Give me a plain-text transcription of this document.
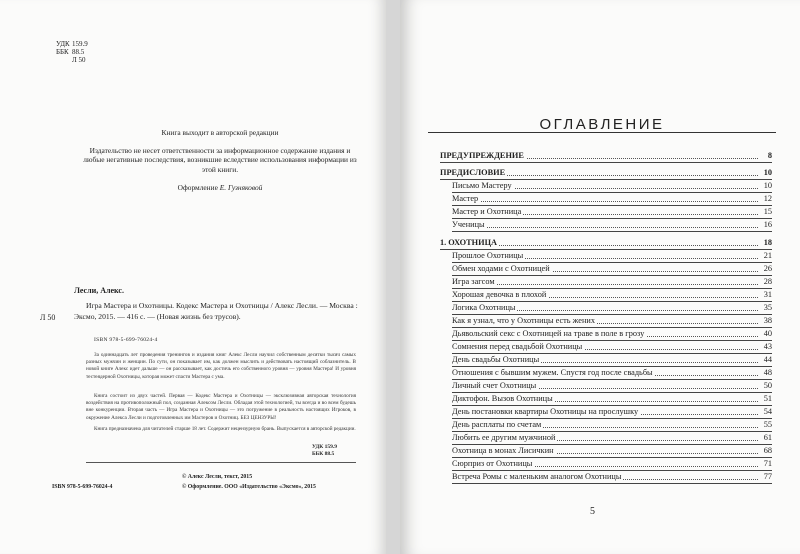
УДК 159.9
ББК 88.5
Л 50
Книга выходит в авторской редакции
Издательство не несет ответственности за информационное содержание издания и любые негативные последствия, возникшие вследствие использования информации из этой книги.
Оформление Е. Гузняковой
Лесли, Алекс.
Л 50
Игра Мастера и Охотницы. Кодекс Мастера и Охотницы / Алекс Лесли. — Москва : Эксмо, 2015. — 416 с. — (Новая жизнь без трусов).
ISBN 978-5-699-76024-4
За одиннадцать лет проведения тренингов и издания книг Алекс Лесли научил собственным десятки тысяч самых разных мужчин и женщин. По сути, он показывает им, как должен мыслить и действовать настоящий соблазнитель. В новой книге Алекс идет дальше — он рассказывает, как достичь его собственного уровня — уровня Мастера! И уровня тестеядерной Охотницы, которая может спасти Мастера с ума.
Книга состоит из двух частей. Первая — Кодекс Мастера и Охотницы — эксклюзивная авторская технология воздействия на противоположный пол, созданная Алексом Лесли. Обладая этой технологией, ты всегда и во всем будешь вне конкуренции. Вторая часть — Игра Мастера и Охотницы — это погружение в реальность настоящих Игроков, в окружение Алекса Лесли и подготовленных им Мастеров и Охотниц. БЕЗ ЦЕНЗУРЫ!
Книга предназначена для читателей старше 18 лет. Содержит нецензурную брань. Выпускается в авторской редакции.
УДК 159.9
ББК 88.5
ISBN 978-5-699-76024-4
© Алекс Лесли, текст, 2015
© Оформление. ООО «Издательство «Эксмо», 2015
ОГЛАВЛЕНИЕ
ПРЕДУПРЕЖДЕНИЕ	8
ПРЕДИСЛОВИЕ	10
Письмо Мастеру	10
Мастер	12
Мастер и Охотница	15
Ученицы	16
1. ОХОТНИЦА	18
Прошлое Охотницы	21
Обмен ходами с Охотницей	26
Игра загсом	28
Хорошая девочка в плохой	31
Логика Охотницы	35
Как я узнал, что у Охотницы есть жених	38
Дьявольский секс с Охотницей на траве в поле в грозу	40
Сомнения перед свадьбой Охотницы	43
День свадьбы Охотницы	44
Отношения с бывшим мужем. Спустя год после свадьбы	48
Личный счет Охотницы	50
Диктофон. Вызов Охотницы	51
День постановки квартиры Охотницы на прослушку	54
День расплаты по счетам	55
Любить ее другим мужчиной	61
Охотница в монах Лисичкин	68
Сюрприз от Охотницы	71
Встреча Ромы с маленьким аналогом Охотницы	77
5
